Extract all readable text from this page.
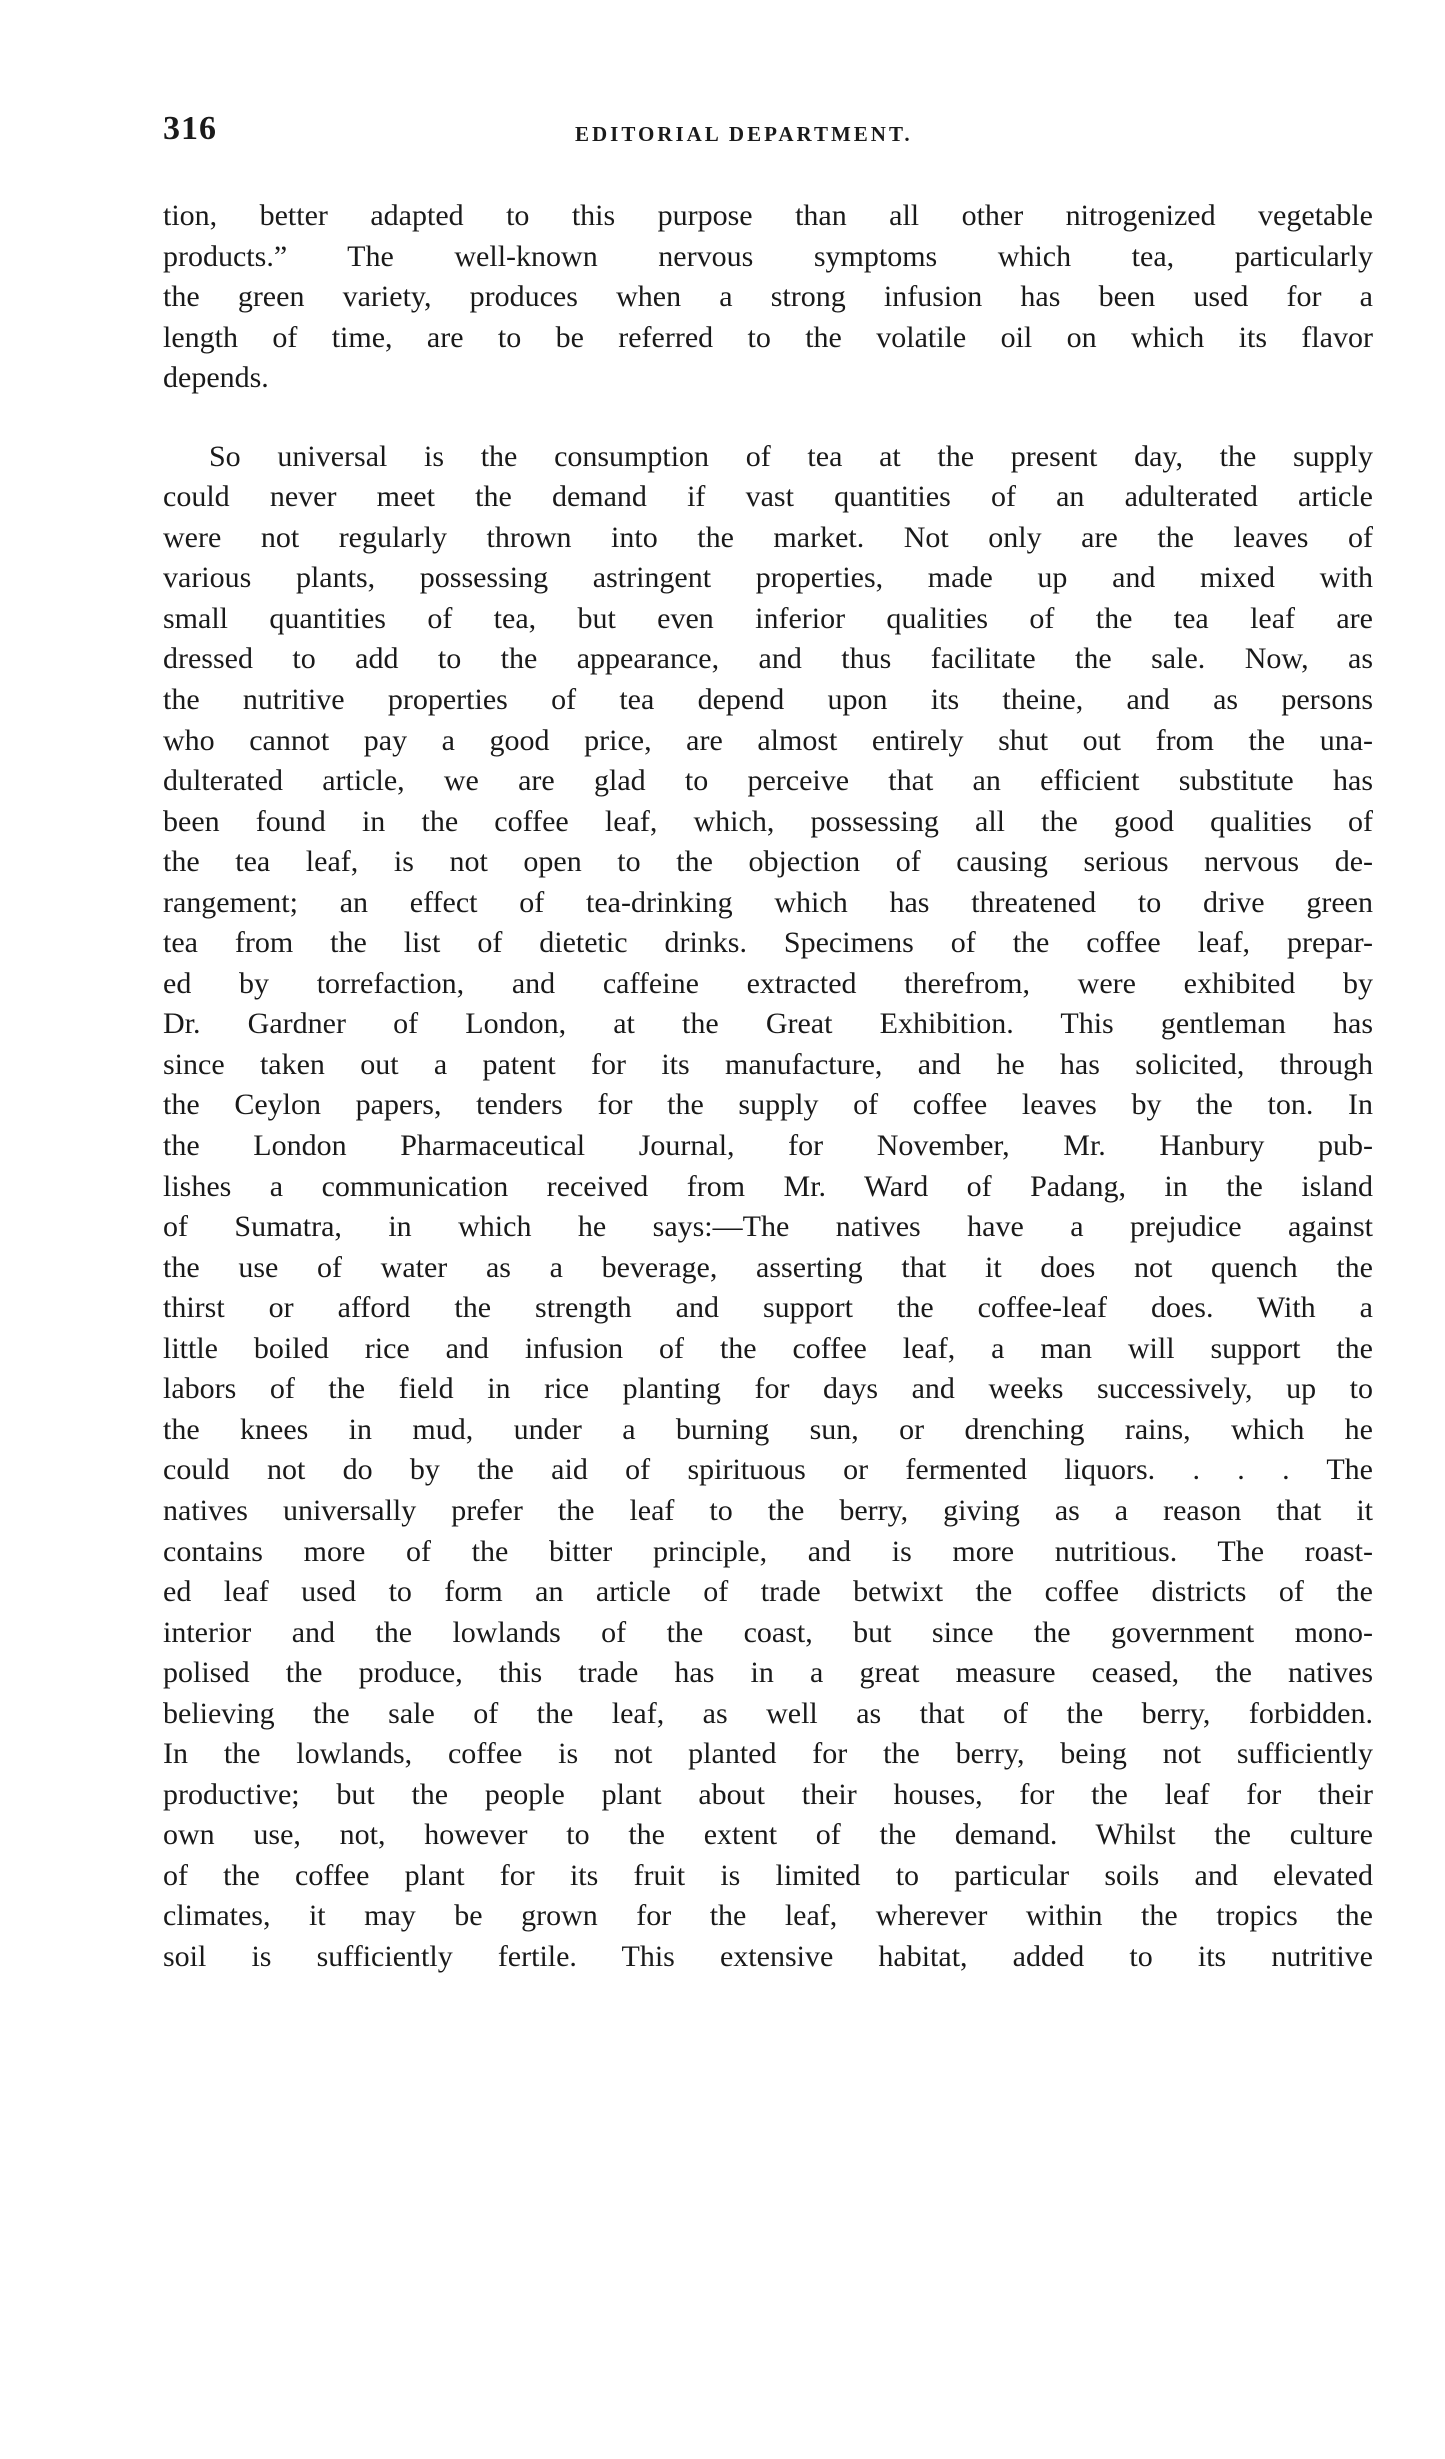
316	EDITORIAL DEPARTMENT.

tion, better adapted to this purpose than all other nitrogenized vegetable
products.” The well-known nervous symptoms which tea, particularly
the green variety, produces when a strong infusion has been used for a
length of time, are to be referred to the volatile oil on which its flavor
depends.

So universal is the consumption of tea at the present day, the supply
could never meet the demand if vast quantities of an adulterated article
were not regularly thrown into the market. Not only are the leaves of
various plants, possessing astringent properties, made up and mixed with
small quantities of tea, but even inferior qualities of the tea leaf are
dressed to add to the appearance, and thus facilitate the sale. Now, as
the nutritive properties of tea depend upon its theine, and as persons
who cannot pay a good price, are almost entirely shut out from the una-
dulterated article, we are glad to perceive that an efficient substitute has
been found in the coffee leaf, which, possessing all the good qualities of
the tea leaf, is not open to the objection of causing serious nervous de-
rangement; an effect of tea-drinking which has threatened to drive green
tea from the list of dietetic drinks. Specimens of the coffee leaf, prepar-
ed by torrefaction, and caffeine extracted therefrom, were exhibited by
Dr. Gardner of London, at the Great Exhibition. This gentleman has
since taken out a patent for its manufacture, and he has solicited, through
the Ceylon papers, tenders for the supply of coffee leaves by the ton. In
the London Pharmaceutical Journal, for November, Mr. Hanbury pub-
lishes a communication received from Mr. Ward of Padang, in the island
of Sumatra, in which he says:—The natives have a prejudice against
the use of water as a beverage, asserting that it does not quench the
thirst or afford the strength and support the coffee-leaf does. With a
little boiled rice and infusion of the coffee leaf, a man will support the
labors of the field in rice planting for days and weeks successively, up to
the knees in mud, under a burning sun, or drenching rains, which he
could not do by the aid of spirituous or fermented liquors. . . . The
natives universally prefer the leaf to the berry, giving as a reason that it
contains more of the bitter principle, and is more nutritious. The roast-
ed leaf used to form an article of trade betwixt the coffee districts of the
interior and the lowlands of the coast, but since the government mono-
polised the produce, this trade has in a great measure ceased, the natives
believing the sale of the leaf, as well as that of the berry, forbidden.
In the lowlands, coffee is not planted for the berry, being not sufficiently
productive; but the people plant about their houses, for the leaf for their
own use, not, however to the extent of the demand. Whilst the culture
of the coffee plant for its fruit is limited to particular soils and elevated
climates, it may be grown for the leaf, wherever within the tropics the
soil is sufficiently fertile. This extensive habitat, added to its nutritive
